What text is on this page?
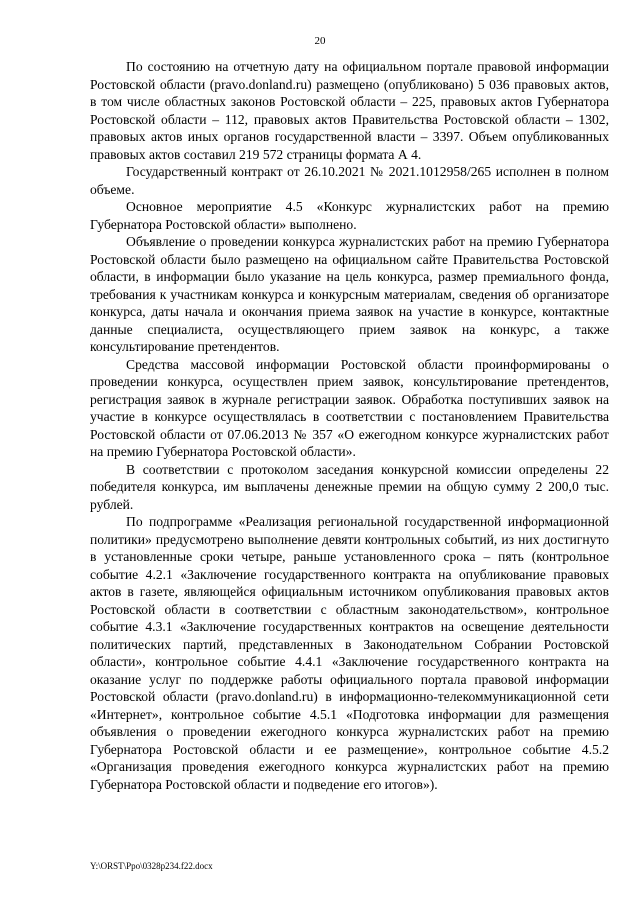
20

По состоянию на отчетную дату на официальном портале правовой информации Ростовской области (pravo.donland.ru) размещено (опубликовано) 5 036 правовых актов, в том числе областных законов Ростовской области – 225, правовых актов Губернатора Ростовской области – 112, правовых актов Правительства Ростовской области – 1302, правовых актов иных органов государственной власти – 3397. Объем опубликованных правовых актов составил 219 572 страницы формата А 4.

Государственный контракт от 26.10.2021 № 2021.1012958/265 исполнен в полном объеме.

Основное мероприятие 4.5 «Конкурс журналистских работ на премию Губернатора Ростовской области» выполнено.

Объявление о проведении конкурса журналистских работ на премию Губернатора Ростовской области было размещено на официальном сайте Правительства Ростовской области, в информации было указание на цель конкурса, размер премиального фонда, требования к участникам конкурса и конкурсным материалам, сведения об организаторе конкурса, даты начала и окончания приема заявок на участие в конкурсе, контактные данные специалиста, осуществляющего прием заявок на конкурс, а также консультирование претендентов.

Средства массовой информации Ростовской области проинформированы о проведении конкурса, осуществлен прием заявок, консультирование претендентов, регистрация заявок в журнале регистрации заявок. Обработка поступивших заявок на участие в конкурсе осуществлялась в соответствии с постановлением Правительства Ростовской области от 07.06.2013 № 357 «О ежегодном конкурсе журналистских работ на премию Губернатора Ростовской области».

В соответствии с протоколом заседания конкурсной комиссии определены 22 победителя конкурса, им выплачены денежные премии на общую сумму 2 200,0 тыс. рублей.

По подпрограмме «Реализация региональной государственной информационной политики» предусмотрено выполнение девяти контрольных событий, из них достигнуто в установленные сроки четыре, раньше установленного срока – пять (контрольное событие 4.2.1 «Заключение государственного контракта на опубликование правовых актов в газете, являющейся официальным источником опубликования правовых актов Ростовской области в соответствии с областным законодательством», контрольное событие 4.3.1 «Заключение государственных контрактов на освещение деятельности политических партий, представленных в Законодательном Собрании Ростовской области», контрольное событие 4.4.1 «Заключение государственного контракта на оказание услуг по поддержке работы официального портала правовой информации Ростовской области (pravo.donland.ru) в информационно-телекоммуникационной сети «Интернет», контрольное событие 4.5.1 «Подготовка информации для размещения объявления о проведении ежегодного конкурса журналистских работ на премию Губернатора Ростовской области и ее размещение», контрольное событие 4.5.2 «Организация проведения ежегодного конкурса журналистских работ на премию Губернатора Ростовской области и подведение его итогов»).

Y:\ORST\Ppo\0328p234.f22.docx
